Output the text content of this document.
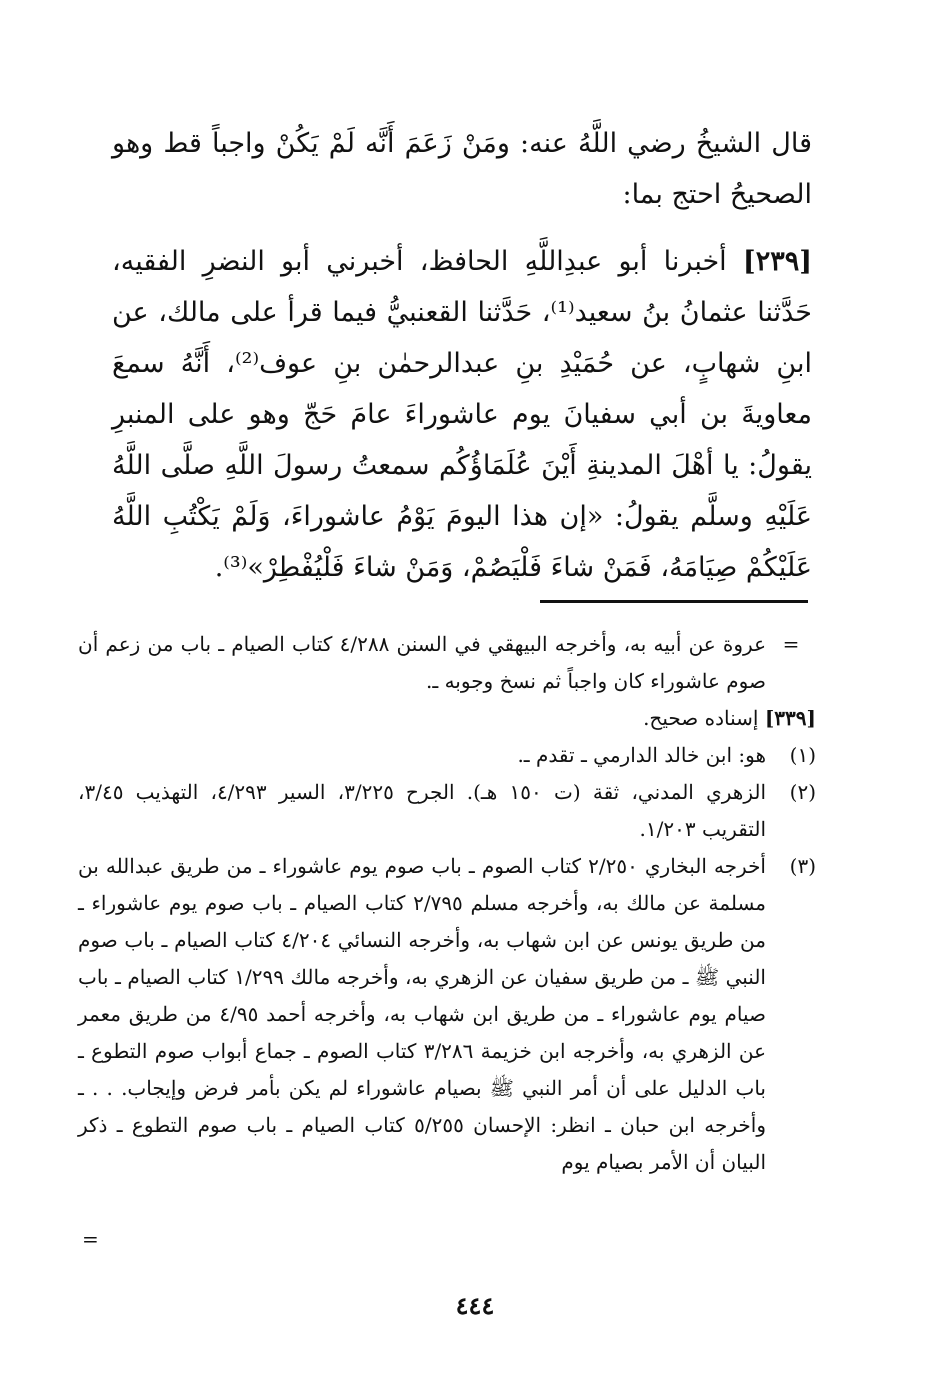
قال الشيخُ رضي اللَّهُ عنه: ومَنْ زَعَمَ أَنَّه لَمْ يَكُنْ واجباً قط وهو الصحيحُ احتج بما:

[٢٣٩] أخبرنا أبو عبدِاللَّهِ الحافظ، أخبرني أبو النضرِ الفقيه، حَدَّثنا عثمانُ بنُ سعيد⁽¹⁾، حَدَّثنا القعنبيُّ فيما قرأ على مالك، عن ابنِ شهابٍ، عن حُمَيْدِ بنِ عبدالرحمٰن بنِ عوف⁽²⁾، أَنَّهُ سمعَ معاويةَ بن أبي سفيانَ يوم عاشوراءَ عامَ حَجّ وهو على المنبرِ يقولُ: يا أهْلَ المدينةِ أَيْنَ عُلَمَاؤُكُم سمعتُ رسولَ اللَّهِ صلَّى اللَّهُ عَلَيْهِ وسلَّم يقولُ: «إن هذا اليومَ يَوْمُ عاشوراءَ، وَلَمْ يَكْتُبِ اللَّهُ عَلَيْكُمْ صِيَامَهُ، فَمَنْ شاءَ فَلْيَصُمْ، وَمَنْ شاءَ فَلْيُفْطِرْ»⁽³⁾.

=
عروة عن أبيه به، وأخرجه البيهقي في السنن ٤/٢٨٨ كتاب الصيام ـ باب من زعم أن صوم عاشوراء كان واجباً ثم نسخ وجوبه ـ.
[٣٣٩] إسناده صحيح.
(١)
هو: ابن خالد الدارمي ـ تقدم ـ.
(٢)
الزهري المدني، ثقة (ت ١٥٠ هـ). الجرح ٣/٢٢٥، السير ٤/٢٩٣، التهذيب ٣/٤٥، التقريب ١/٢٠٣.
(٣)
أخرجه البخاري ٢/٢٥٠ كتاب الصوم ـ باب صوم يوم عاشوراء ـ من طريق عبدالله بن مسلمة عن مالك به، وأخرجه مسلم ٢/٧٩٥ كتاب الصيام ـ باب صوم يوم عاشوراء ـ من طريق يونس عن ابن شهاب به، وأخرجه النسائي ٤/٢٠٤ كتاب الصيام ـ باب صوم النبي ﷺ ـ من طريق سفيان عن الزهري به، وأخرجه مالك ١/٢٩٩ كتاب الصيام ـ باب صيام يوم عاشوراء ـ من طريق ابن شهاب به، وأخرجه أحمد ٤/٩٥ من طريق معمر عن الزهري به، وأخرجه ابن خزيمة ٣/٢٨٦ كتاب الصوم ـ جماع أبواب صوم التطوع ـ باب الدليل على أن أمر النبي ﷺ بصيام عاشوراء لم يكن بأمر فرض وإيجاب. . . ـ وأخرجه ابن حبان ـ انظر: الإحسان ٥/٢٥٥ كتاب الصيام ـ باب صوم التطوع ـ ذكر البيان أن الأمر بصيام يوم
=
٤٤٤
